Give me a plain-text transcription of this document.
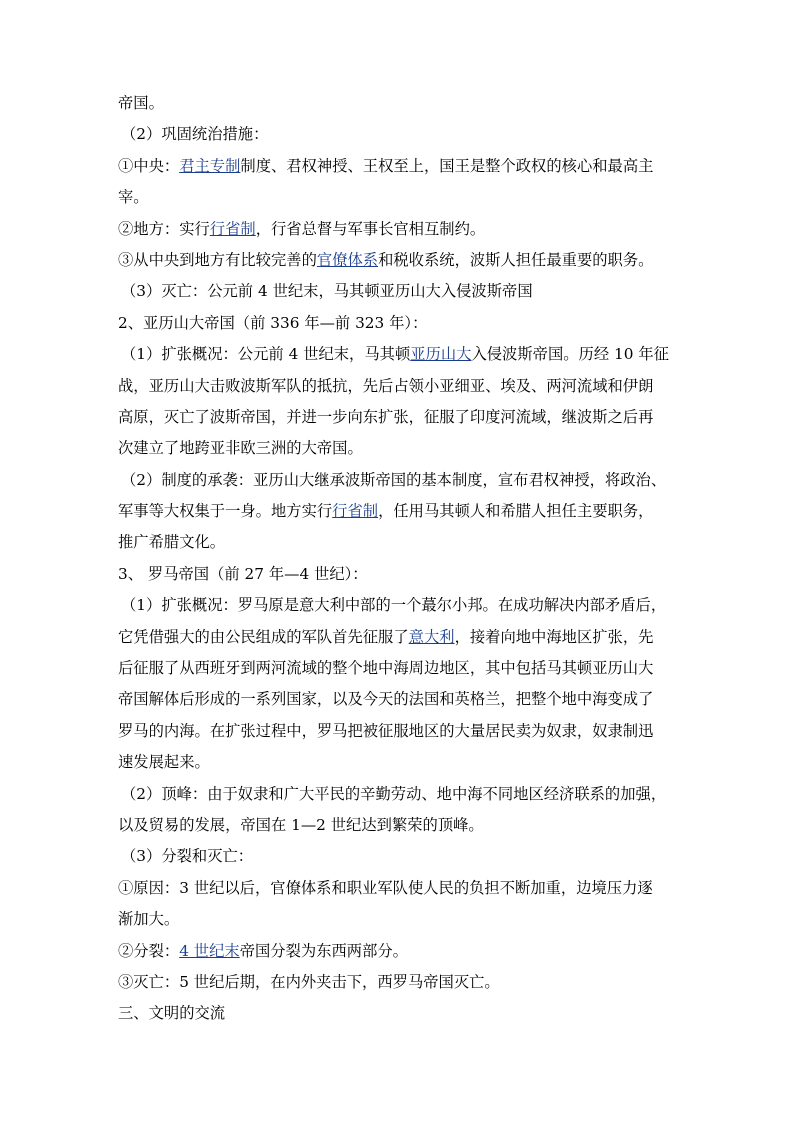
帝国。
（2）巩固统治措施：
①中央：君主专制制度、君权神授、王权至上，国王是整个政权的核心和最高主
宰。
②地方：实行行省制，行省总督与军事长官相互制约。
③从中央到地方有比较完善的官僚体系和税收系统，波斯人担任最重要的职务。
（3）灭亡：公元前 4 世纪末，马其顿亚历山大入侵波斯帝国
2、亚历山大帝国（前 336 年—前 323 年）：
（1）扩张概况：公元前 4 世纪末，马其顿亚历山大入侵波斯帝国。历经 10 年征
战，亚历山大击败波斯军队的抵抗，先后占领小亚细亚、埃及、两河流域和伊朗
高原，灭亡了波斯帝国，并进一步向东扩张，征服了印度河流域，继波斯之后再
次建立了地跨亚非欧三洲的大帝国。
（2）制度的承袭：亚历山大继承波斯帝国的基本制度，宣布君权神授，将政治、
军事等大权集于一身。地方实行行省制，任用马其顿人和希腊人担任主要职务，
推广希腊文化。
3、 罗马帝国（前 27 年—4 世纪）：
（1）扩张概况：罗马原是意大利中部的一个蕞尔小邦。在成功解决内部矛盾后，
它凭借强大的由公民组成的军队首先征服了意大利，接着向地中海地区扩张，先
后征服了从西班牙到两河流域的整个地中海周边地区，其中包括马其顿亚历山大
帝国解体后形成的一系列国家，以及今天的法国和英格兰，把整个地中海变成了
罗马的内海。在扩张过程中，罗马把被征服地区的大量居民卖为奴隶，奴隶制迅
速发展起来。
（2）顶峰：由于奴隶和广大平民的辛勤劳动、地中海不同地区经济联系的加强，
以及贸易的发展，帝国在 1—2 世纪达到繁荣的顶峰。
（3）分裂和灭亡：
①原因：3 世纪以后，官僚体系和职业军队使人民的负担不断加重，边境压力逐
渐加大。
②分裂：4 世纪末帝国分裂为东西两部分。
③灭亡：5 世纪后期，在内外夹击下，西罗马帝国灭亡。
三、文明的交流
